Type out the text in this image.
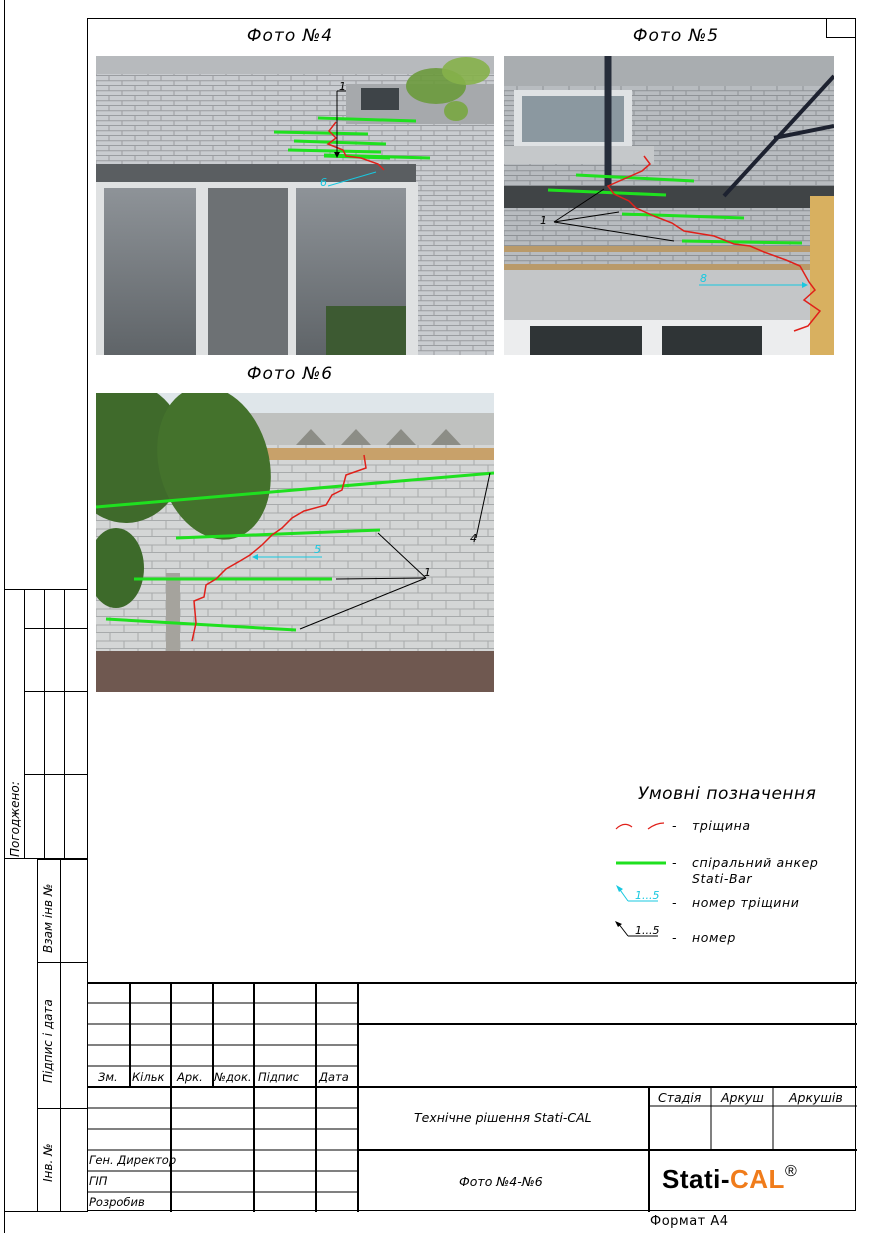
Погоджено:
Взам інв №
Підпис і дата
Інв. №
Фото №4	Фото №5
Фото №6
1
6
1
8
4
1
5
Умовні позначення
1...5
1...5
- тріщина
- спіральний анкер
Stati-Bar
- номер тріщини
- номер
Зм. Кільк Арк. №док. Підпис Дата
Ген. Директор
ГІП
Розробив
Технічне рішення Stati-CAL
Фото №4-№6
Стадія Аркуш Аркушів
Stati-CAL®
Формат А4
